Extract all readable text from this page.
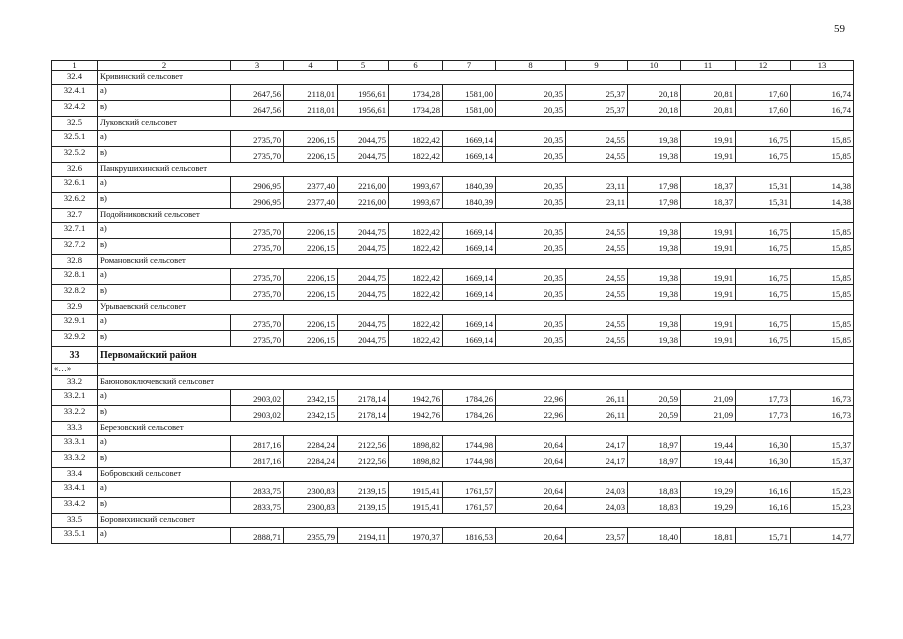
59
1	2	3	4	5	6	7	8	9	10	11	12	13
32.4	Кривинский сельсовет											
32.4.1	а)	2647,56	2118,01	1956,61	1734,28	1581,00	20,35	25,37	20,18	20,81	17,60	16,74
32.4.2	в)	2647,56	2118,01	1956,61	1734,28	1581,00	20,35	25,37	20,18	20,81	17,60	16,74
32.5	Луковский сельсовет											
32.5.1	а)	2735,70	2206,15	2044,75	1822,42	1669,14	20,35	24,55	19,38	19,91	16,75	15,85
32.5.2	в)	2735,70	2206,15	2044,75	1822,42	1669,14	20,35	24,55	19,38	19,91	16,75	15,85
32.6	Панкрушихинский сельсовет											
32.6.1	а)	2906,95	2377,40	2216,00	1993,67	1840,39	20,35	23,11	17,98	18,37	15,31	14,38
32.6.2	в)	2906,95	2377,40	2216,00	1993,67	1840,39	20,35	23,11	17,98	18,37	15,31	14,38
32.7	Подойниковский сельсовет											
32.7.1	а)	2735,70	2206,15	2044,75	1822,42	1669,14	20,35	24,55	19,38	19,91	16,75	15,85
32.7.2	в)	2735,70	2206,15	2044,75	1822,42	1669,14	20,35	24,55	19,38	19,91	16,75	15,85
32.8	Романовский сельсовет											
32.8.1	а)	2735,70	2206,15	2044,75	1822,42	1669,14	20,35	24,55	19,38	19,91	16,75	15,85
32.8.2	в)	2735,70	2206,15	2044,75	1822,42	1669,14	20,35	24,55	19,38	19,91	16,75	15,85
32.9	Урываевский сельсовет											
32.9.1	а)	2735,70	2206,15	2044,75	1822,42	1669,14	20,35	24,55	19,38	19,91	16,75	15,85
32.9.2	в)	2735,70	2206,15	2044,75	1822,42	1669,14	20,35	24,55	19,38	19,91	16,75	15,85
33	Первомайский район											
«…»												
33.2	Баюновоключевский сельсовет											
33.2.1	а)	2903,02	2342,15	2178,14	1942,76	1784,26	22,96	26,11	20,59	21,09	17,73	16,73
33.2.2	в)	2903,02	2342,15	2178,14	1942,76	1784,26	22,96	26,11	20,59	21,09	17,73	16,73
33.3	Березовский сельсовет											
33.3.1	а)	2817,16	2284,24	2122,56	1898,82	1744,98	20,64	24,17	18,97	19,44	16,30	15,37
33.3.2	в)	2817,16	2284,24	2122,56	1898,82	1744,98	20,64	24,17	18,97	19,44	16,30	15,37
33.4	Бобровский сельсовет											
33.4.1	а)	2833,75	2300,83	2139,15	1915,41	1761,57	20,64	24,03	18,83	19,29	16,16	15,23
33.4.2	в)	2833,75	2300,83	2139,15	1915,41	1761,57	20,64	24,03	18,83	19,29	16,16	15,23
33.5	Боровихинский сельсовет											
33.5.1	а)	2888,71	2355,79	2194,11	1970,37	1816,53	20,64	23,57	18,40	18,81	15,71	14,77
